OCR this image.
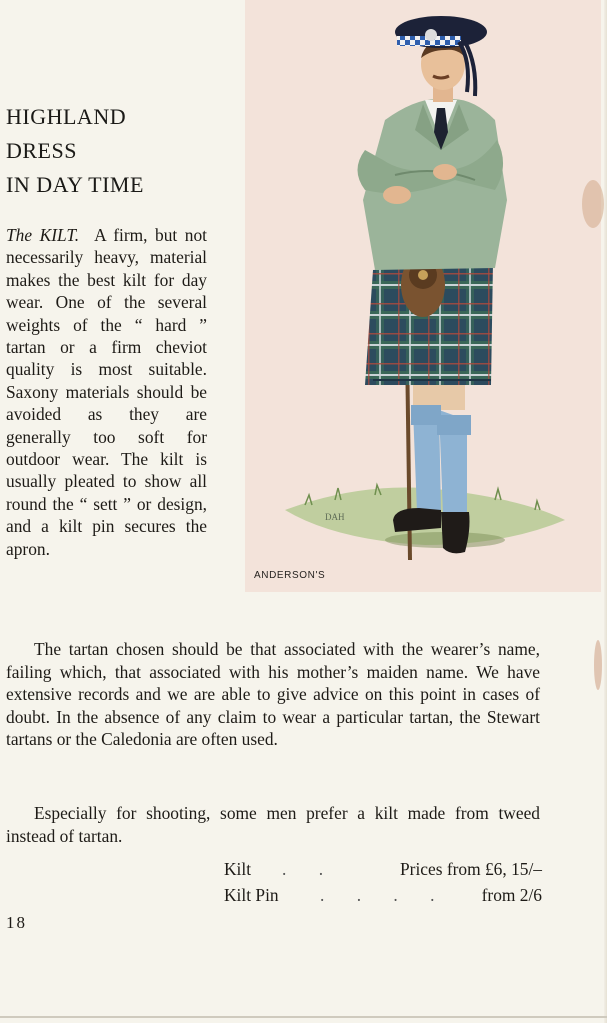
HIGHLAND
DRESS
IN DAY TIME
The KILT. A firm, but not necessarily heavy, material makes the best kilt for day wear. One of the several weights of the “ hard ” tartan or a firm cheviot quality is most suitable. Saxony materials should be avoided as they are generally too soft for outdoor wear. The kilt is usually pleated to show all round the “ sett ” or design, and a kilt pin secures the apron.
DAH
ANDERSON'S
The tartan chosen should be that associated with the wearer’s name, failing which, that associated with his mother’s maiden name. We have extensive records and we are able to give advice on this point in cases of doubt. In the absence of any claim to wear a particular tartan, the Stewart tartans or the Caledonia are often used.
Especially for shooting, some men prefer a kilt made from tweed instead of tartan.
Kilt . .	Prices from £6, 15/–
Kilt Pin . . . . from 2/6
18
